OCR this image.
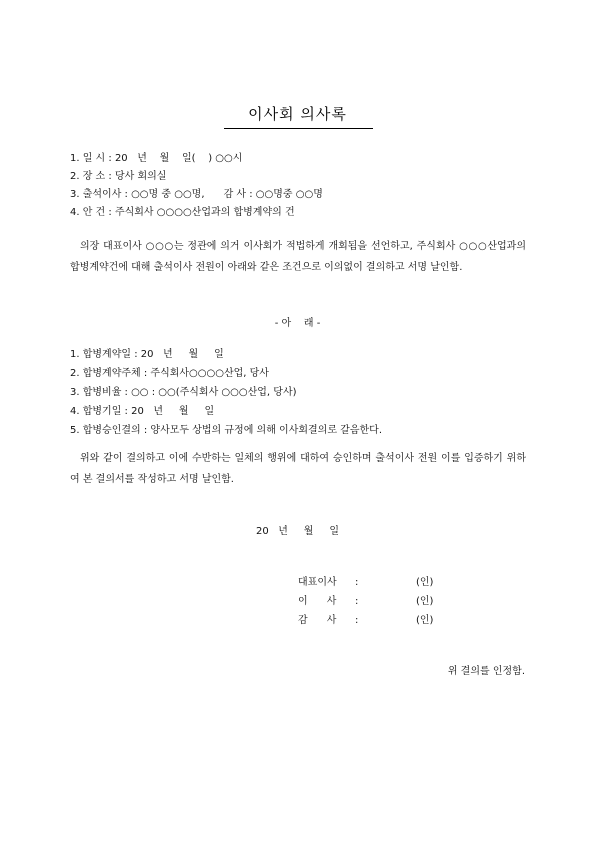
이사회 의사록
1. 일 시 : 20   년    월    일(    ) ○○시
2. 장 소 : 당사 회의실
3. 출석이사 : ○○명 중 ○○명,      감 사 : ○○명중 ○○명
4. 안 건 : 주식회사 ○○○○산업과의 합병계약의 건
의장 대표이사 ○○○는 정관에 의거 이사회가 적법하게 개회됨을 선언하고, 주식회사 ○○○산업과의 합병계약건에 대해 출석이사 전원이 아래와 같은 조건으로 이의없이 결의하고 서명 날인함.
- 아    래 -
1. 합병계약일 : 20   년     월     일
2. 합병계약주체 : 주식회사○○○○산업, 당사
3. 합병비율 : ○○ : ○○(주식회사 ○○○산업, 당사)
4. 합병기일 : 20   년     월     일
5. 합병승인결의 : 양사모두 상법의 규정에 의해 이사회결의로 갈음한다.
위와 같이 결의하고 이에 수반하는 일체의 행위에 대하여 승인하며 출석이사 전원 이를 입증하기 위하여 본 결의서를 작성하고 서명 날인함.
20   년     월     일
대표이사 :	(인)
이      사 :	(인)
감      사 :	(인)
위 결의를 인정함.
